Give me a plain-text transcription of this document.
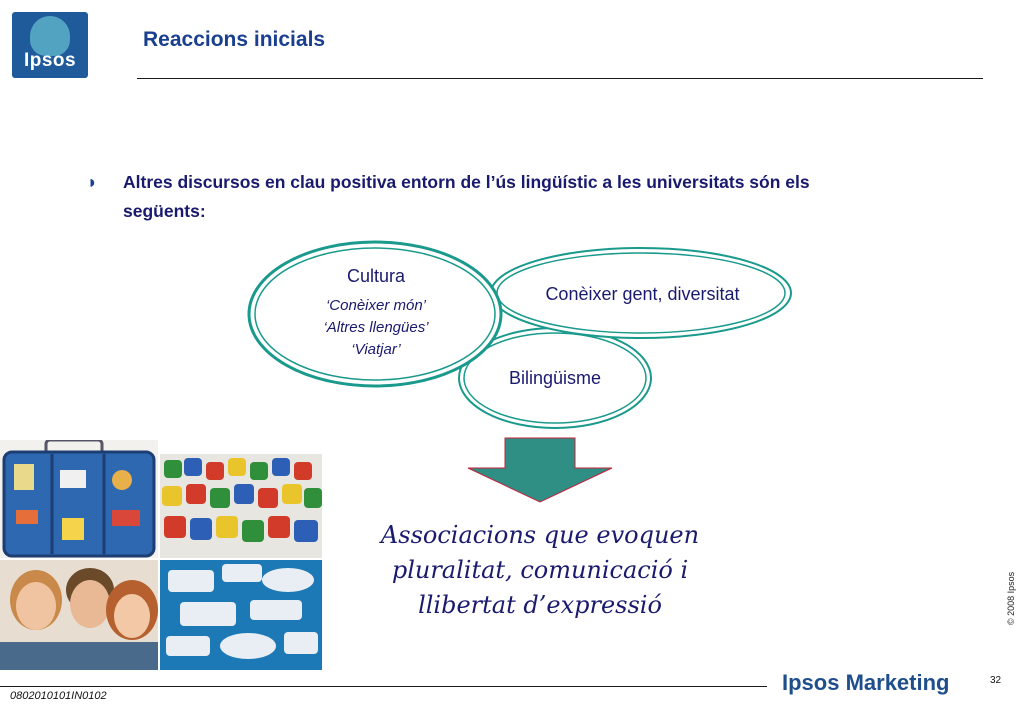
Ipsos
Reaccions inicials
◗ Altres discursos en clau positiva entorn de l’ús lingüístic a les universitats són els següents:
Cultura
‘Conèixer món’
‘Altres llengües’
‘Viatjar’
Conèixer gent, diversitat
Bilingüisme
Associacions que evoquen
pluralitat, comunicació i
llibertat d’expressió	© 2008 Ipsos
0802010101IN0102
Ipsos Marketing	32
